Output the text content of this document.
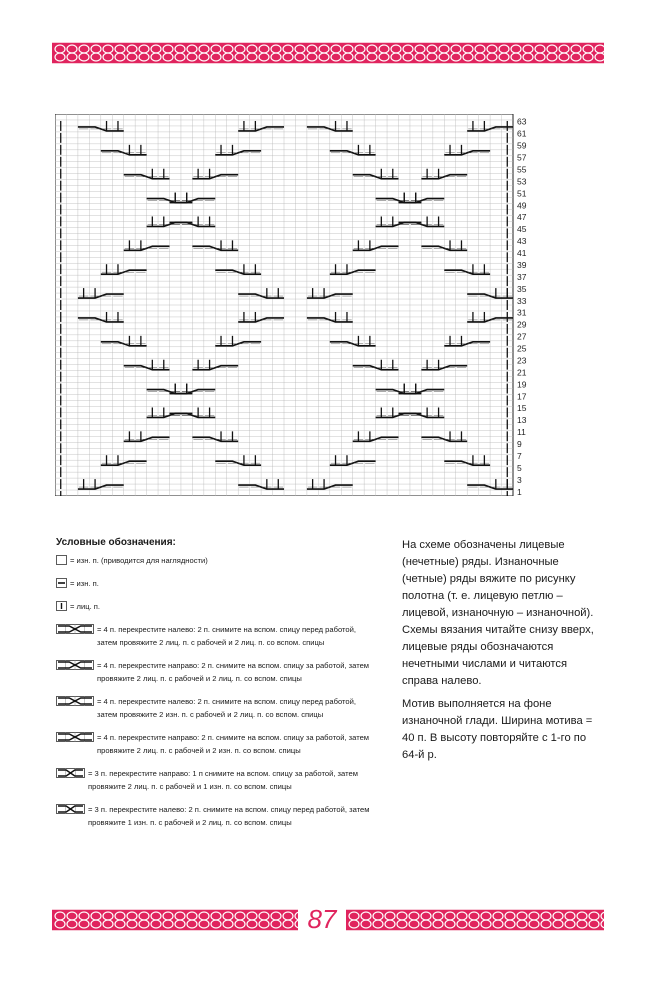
63
61
59
57
55
53
51
49
47
45
43
41
39
37
35
33
31
29
27
25
23
21
19
17
15
13
11
9
7
5
3
1

Условные обозначения:

= изн. п. (приводится для наглядности)
= изн. п.
= лиц. п.
= 4 п. перекрестите налево: 2 п. снимите на вспом. спицу перед работой, затем провяжите 2 лиц. п. с рабочей и 2 лиц. п. со вспом. спицы
= 4 п. перекрестите направо: 2 п. снимите на вспом. спицу за работой, затем провяжите 2 лиц. п. с рабочей и 2 лиц. п. со вспом. спицы
= 4 п. перекрестите налево: 2 п. снимите на вспом. спицу перед работой, затем провяжите 2 изн. п. с рабочей и 2 лиц. п. со вспом. спицы
= 4 п. перекрестите направо: 2 п. снимите на вспом. спицу за работой, затем провяжите 2 лиц. п. с рабочей и 2 изн. п. со вспом. спицы
= 3 п. перекрестите направо: 1 п снимите на вспом. спицу за работой, затем провяжите 2 лиц. п. с рабочей и 1 изн. п. со вспом. спицы
= 3 п. перекрестите налево: 2 п. снимите на вспом. спицу перед работой, затем провяжите 1 изн. п. с рабочей и 2 лиц. п. со вспом. спицы

На схеме обозначены лицевые (нечетные) ряды. Изнаночные (четные) ряды вяжите по рисунку полотна (т. е. лицевую петлю – лицевой, изнаночную – изнаночной). Схемы вязания читайте снизу вверх, лицевые ряды обозначаются нечетными числами и читаются справа налево.

Мотив выполняется на фоне изнаночной глади. Ширина мотива = 40 п. В высоту повторяйте с 1-го по 64-й р.

87
